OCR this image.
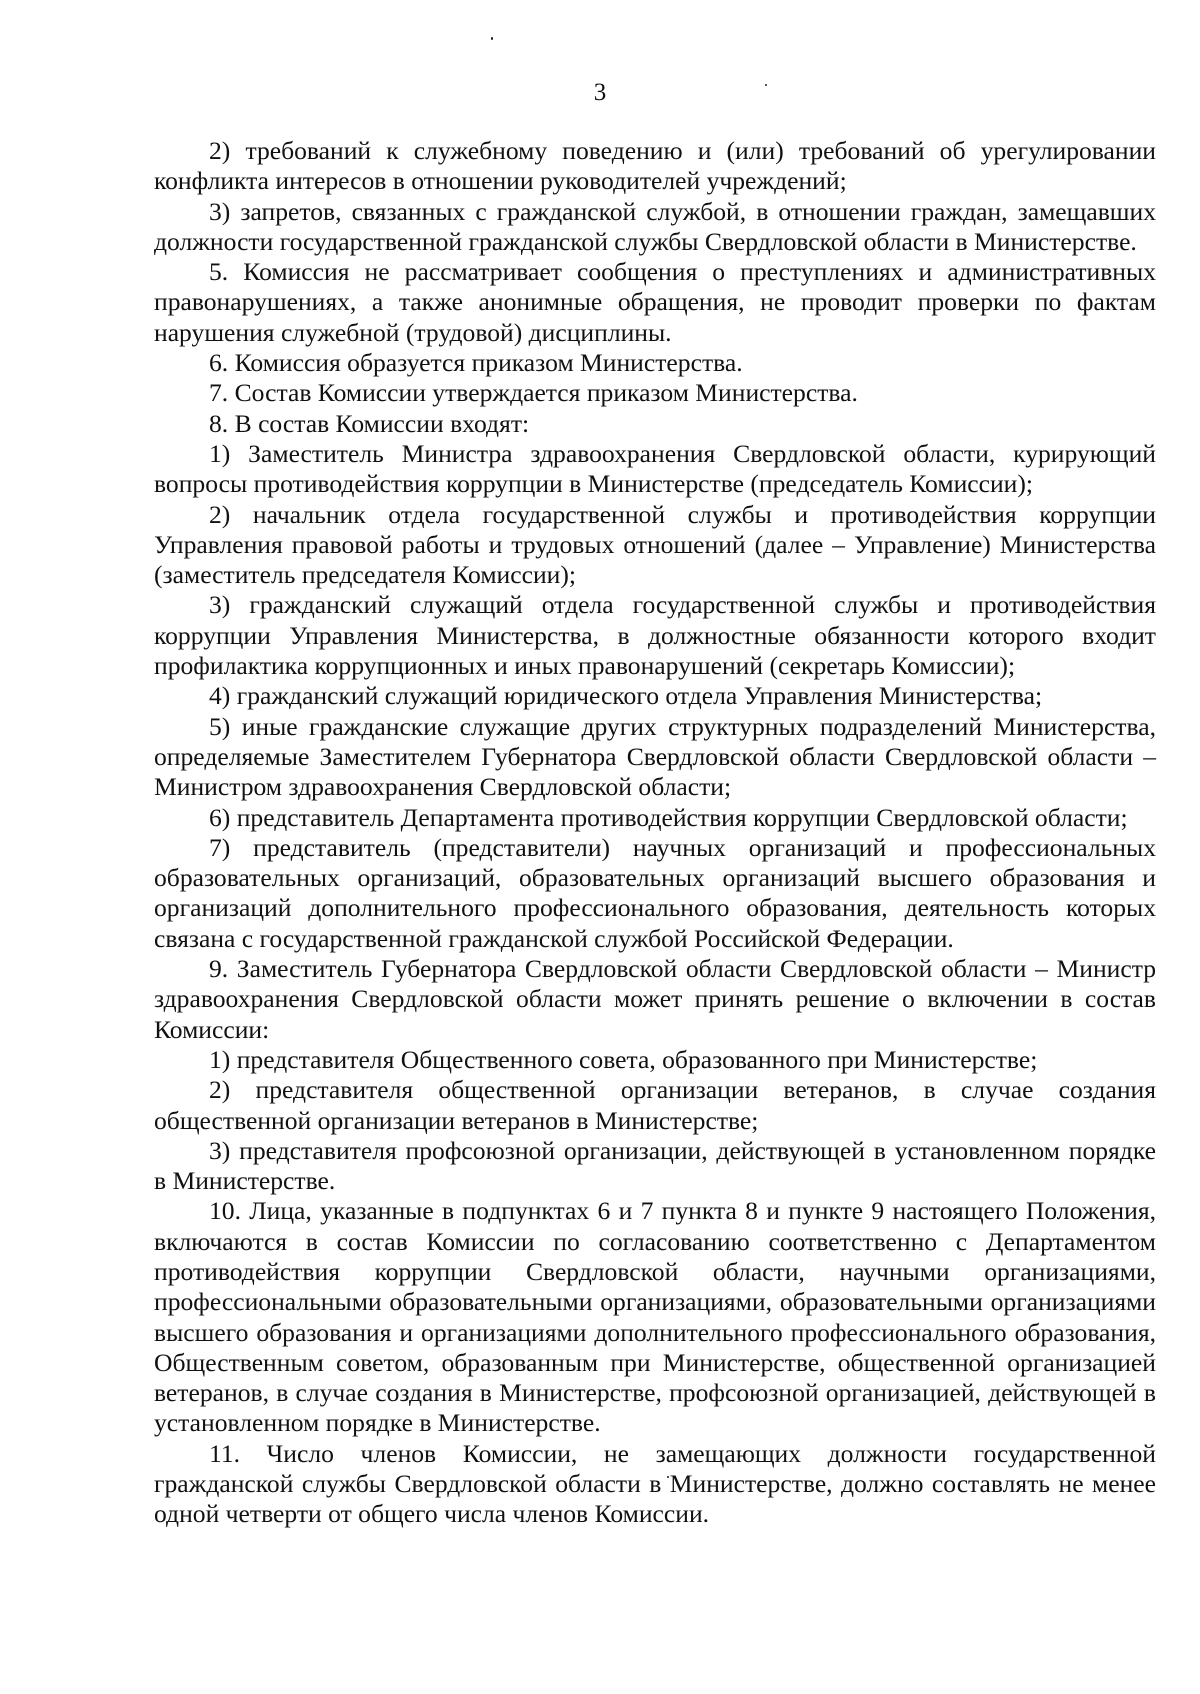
3

2) требований к служебному поведению и (или) требований об урегулировании конфликта интересов в отношении руководителей учреждений;

3) запретов, связанных с гражданской службой, в отношении граждан, замещавших должности государственной гражданской службы Свердловской области в Министерстве.

5. Комиссия не рассматривает сообщения о преступлениях и административных правонарушениях, а также анонимные обращения, не проводит проверки по фактам нарушения служебной (трудовой) дисциплины.

6. Комиссия образуется приказом Министерства.

7. Состав Комиссии утверждается приказом Министерства.

8. В состав Комиссии входят:

1) Заместитель Министра здравоохранения Свердловской области, курирующий вопросы противодействия коррупции в Министерстве (председатель Комиссии);

2) начальник отдела государственной службы и противодействия коррупции Управления правовой работы и трудовых отношений (далее – Управление) Министерства (заместитель председателя Комиссии);

3) гражданский служащий отдела государственной службы и противодействия коррупции Управления Министерства, в должностные обязанности которого входит профилактика коррупционных и иных правонарушений (секретарь Комиссии);

4) гражданский служащий юридического отдела Управления Министерства;

5) иные гражданские служащие других структурных подразделений Министерства, определяемые Заместителем Губернатора Свердловской области Свердловской области – Министром здравоохранения Свердловской области;

6) представитель Департамента противодействия коррупции Свердловской области;

7) представитель (представители) научных организаций и профессиональных образовательных организаций, образовательных организаций высшего образования и организаций дополнительного профессионального образования, деятельность которых связана с государственной гражданской службой Российской Федерации.

9. Заместитель Губернатора Свердловской области Свердловской области – Министр здравоохранения Свердловской области может принять решение о включении в состав Комиссии:

1) представителя Общественного совета, образованного при Министерстве;

2) представителя общественной организации ветеранов, в случае создания общественной организации ветеранов в Министерстве;

3) представителя профсоюзной организации, действующей в установленном порядке в Министерстве.

10. Лица, указанные в подпунктах 6 и 7 пункта 8 и пункте 9 настоящего Положения, включаются в состав Комиссии по согласованию соответственно с Департаментом противодействия коррупции Свердловской области, научными организациями, профессиональными образовательными организациями, образовательными организациями высшего образования и организациями дополнительного профессионального образования, Общественным советом, образованным при Министерстве, общественной организацией ветеранов, в случае создания в Министерстве, профсоюзной организацией, действующей в установленном порядке в Министерстве.

11. Число членов Комиссии, не замещающих должности государственной гражданской службы Свердловской области в Министерстве, должно составлять не менее одной четверти от общего числа членов Комиссии.
